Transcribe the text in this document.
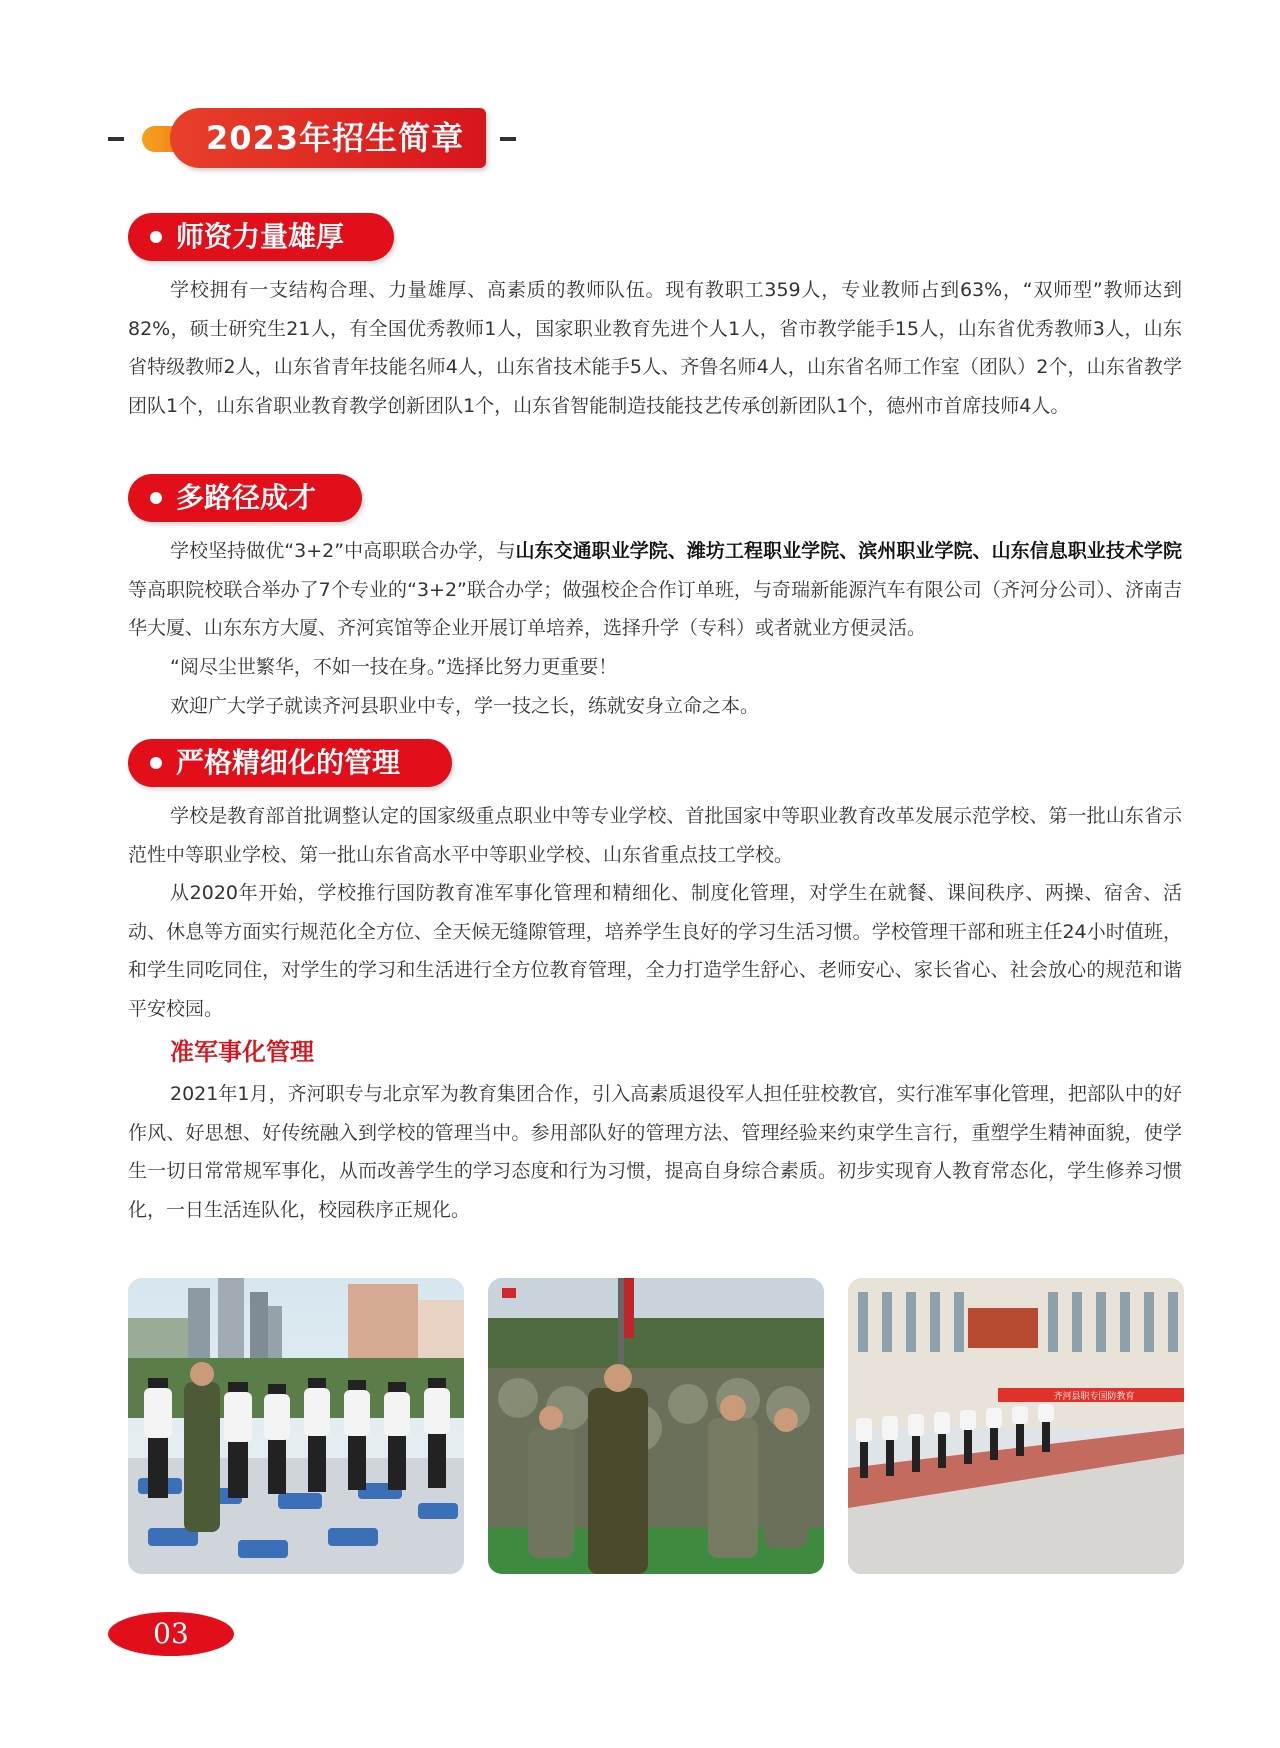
2023年招生简章
师资力量雄厚

学校拥有一支结构合理、力量雄厚、高素质的教师队伍。现有教职工359人，专业教师占到63%，“双师型”教师达到82%，硕士研究生21人，有全国优秀教师1人，国家职业教育先进个人1人，省市教学能手15人，山东省优秀教师3人，山东省特级教师2人，山东省青年技能名师4人，山东省技术能手5人、齐鲁名师4人，山东省名师工作室（团队）2个，山东省教学团队1个，山东省职业教育教学创新团队1个，山东省智能制造技能技艺传承创新团队1个，德州市首席技师4人。

多路径成才

学校坚持做优“3+2”中高职联合办学，与山东交通职业学院、潍坊工程职业学院、滨州职业学院、山东信息职业技术学院等高职院校联合举办了7个专业的“3+2”联合办学；做强校企合作订单班，与奇瑞新能源汽车有限公司（齐河分公司）、济南吉华大厦、山东东方大厦、齐河宾馆等企业开展订单培养，选择升学（专科）或者就业方便灵活。

“阅尽尘世繁华，不如一技在身。”选择比努力更重要！

欢迎广大学子就读齐河县职业中专，学一技之长，练就安身立命之本。

严格精细化的管理

学校是教育部首批调整认定的国家级重点职业中等专业学校、首批国家中等职业教育改革发展示范学校、第一批山东省示范性中等职业学校、第一批山东省高水平中等职业学校、山东省重点技工学校。

从2020年开始，学校推行国防教育准军事化管理和精细化、制度化管理，对学生在就餐、课间秩序、两操、宿舍、活动、休息等方面实行规范化全方位、全天候无缝隙管理，培养学生良好的学习生活习惯。学校管理干部和班主任24小时值班，和学生同吃同住，对学生的学习和生活进行全方位教育管理，全力打造学生舒心、老师安心、家长省心、社会放心的规范和谐平安校园。

准军事化管理

2021年1月，齐河职专与北京军为教育集团合作，引入高素质退役军人担任驻校教官，实行准军事化管理，把部队中的好作风、好思想、好传统融入到学校的管理当中。参用部队好的管理方法、管理经验来约束学生言行，重塑学生精神面貌，使学生一切日常常规军事化，从而改善学生的学习态度和行为习惯，提高自身综合素质。初步实现育人教育常态化，学生修养习惯化，一日生活连队化，校园秩序正规化。

齐河县职专国防教育
03
